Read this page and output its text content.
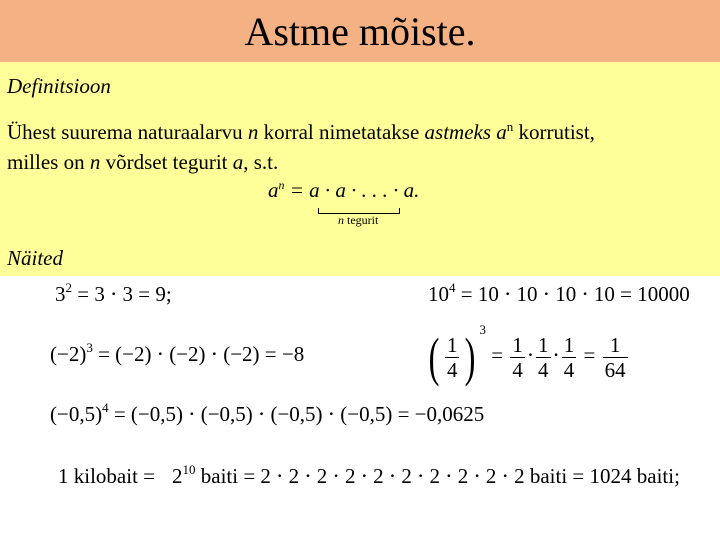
Astme mõiste.
Definitsioon
Ühest suurema naturaalarvu n korral nimetatakse astmeks $a^n$ korrutist,
milles on n võrdset tegurit a, s.t.
$a^n = a \cdot a$ ∙ . . . ∙ a.
n tegurit
Näited
$3^2 = 3 \cdot 3 = 9$;	$10^4 = 10 \cdot 10 \cdot 10 \cdot 10 = 10000$
$(-2)^3 = (-2) \cdot (-2) \cdot (-2) = -8$ ( $\frac{1}{4}$ ) $^3 = \frac{1}{4} \cdot \frac{1}{4} \cdot \frac{1}{4} = \frac{1}{64}$
$(-0,5)^4 = (-0,5) \cdot (-0,5) \cdot (-0,5) \cdot (-0,5) = -0,0625$
1 kilobait = $2^{10}$ baiti = 2 ⋅ 2 ⋅ 2 ⋅ 2 ⋅ 2 ⋅ 2 ⋅ 2 ⋅ 2 ⋅ 2 ⋅ 2 baiti = 1024 baiti;
